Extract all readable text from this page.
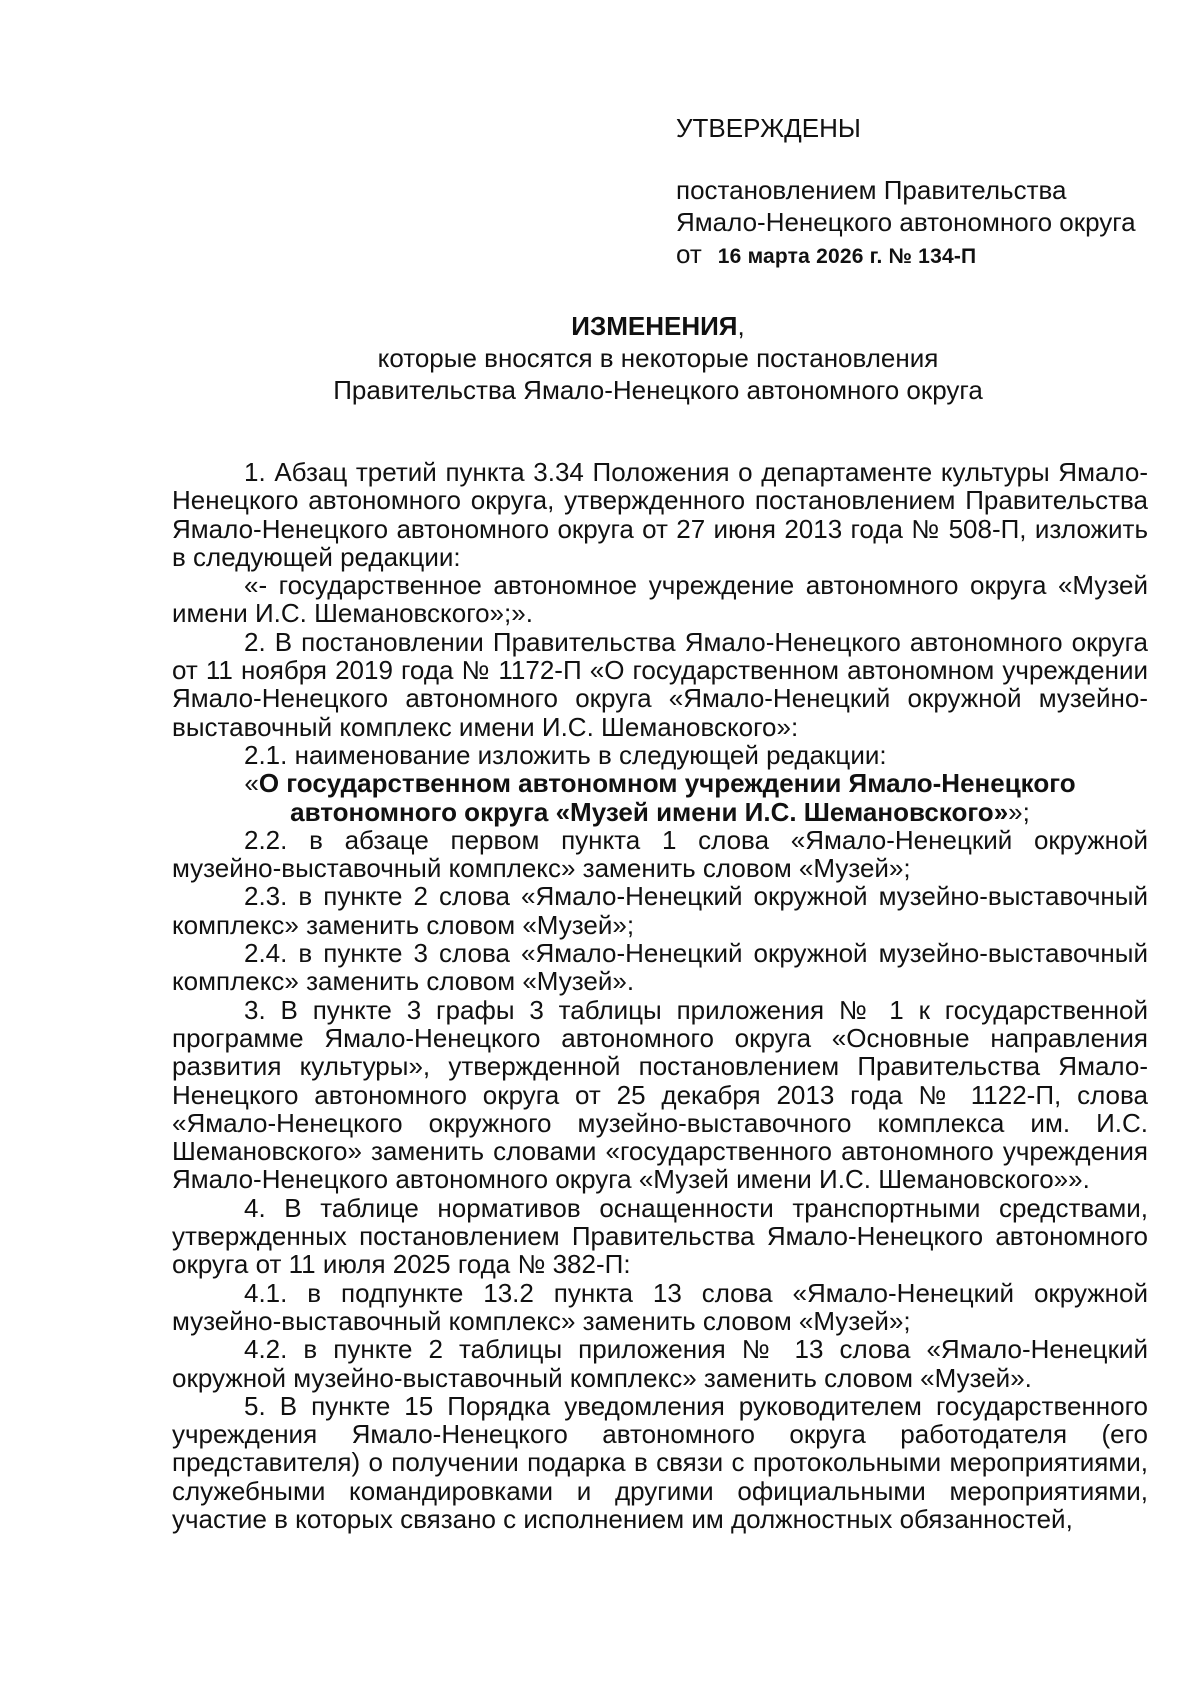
УТВЕРЖДЕНЫ
постановлением Правительства
Ямало-Ненецкого автономного округа
от 16 марта 2026 г. № 134-П
ИЗМЕНЕНИЯ,
которые вносятся в некоторые постановления
Правительства Ямало-Ненецкого автономного округа

1. Абзац третий пункта 3.34 Положения о департаменте культуры Ямало-Ненецкого автономного округа, утвержденного постановлением Правительства Ямало-Ненецкого автономного округа от 27 июня 2013 года № 508-П, изложить в следующей редакции:

«- государственное автономное учреждение автономного округа «Музей имени И.С. Шемановского»;».

2. В постановлении Правительства Ямало-Ненецкого автономного округа от 11 ноября 2019 года № 1172-П «О государственном автономном учреждении Ямало-Ненецкого автономного округа «Ямало-Ненецкий окружной музейно-выставочный комплекс имени И.С. Шемановского»:

2.1. наименование изложить в следующей редакции:

«О государственном автономном учреждении Ямало-Ненецкого автономного округа «Музей имени И.С. Шемановского»»;

2.2. в абзаце первом пункта 1 слова «Ямало-Ненецкий окружной музейно-выставочный комплекс» заменить словом «Музей»;

2.3. в пункте 2 слова «Ямало-Ненецкий окружной музейно-выставочный комплекс» заменить словом «Музей»;

2.4. в пункте 3 слова «Ямало-Ненецкий окружной музейно-выставочный комплекс» заменить словом «Музей».

3. В пункте 3 графы 3 таблицы приложения № 1 к государственной программе Ямало-Ненецкого автономного округа «Основные направления развития культуры», утвержденной постановлением Правительства Ямало-Ненецкого автономного округа от 25 декабря 2013 года № 1122-П, слова «Ямало-Ненецкого окружного музейно-выставочного комплекса им. И.С. Шемановского» заменить словами «государственного автономного учреждения Ямало-Ненецкого автономного округа «Музей имени И.С. Шемановского»».

4. В таблице нормативов оснащенности транспортными средствами, утвержденных постановлением Правительства Ямало-Ненецкого автономного округа от 11 июля 2025 года № 382-П:

4.1. в подпункте 13.2 пункта 13 слова «Ямало-Ненецкий окружной музейно-выставочный комплекс» заменить словом «Музей»;

4.2. в пункте 2 таблицы приложения № 13 слова «Ямало-Ненецкий окружной музейно-выставочный комплекс» заменить словом «Музей».

5. В пункте 15 Порядка уведомления руководителем государственного учреждения Ямало-Ненецкого автономного округа работодателя (его представителя) о получении подарка в связи с протокольными мероприятиями, служебными командировками и другими официальными мероприятиями, участие в которых связано с исполнением им должностных обязанностей,
